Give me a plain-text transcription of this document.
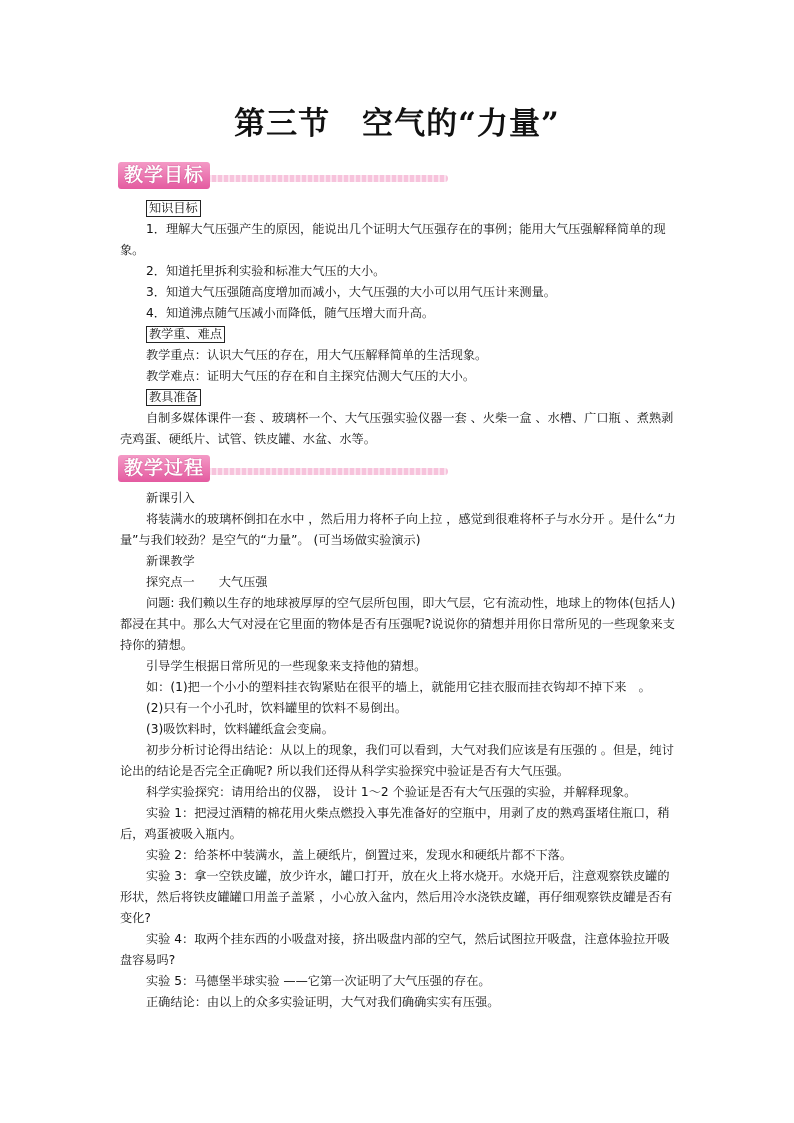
第三节　空气的“力量”
教学目标

知识目标

1．理解大气压强产生的原因，能说出几个证明大气压强存在的事例；能用大气压强解释简单的现象。

2．知道托里拆利实验和标准大气压的大小。

3．知道大气压强随高度增加而减小，大气压强的大小可以用气压计来测量。

4．知道沸点随气压减小而降低，随气压增大而升高。

教学重、难点

教学重点：认识大气压的存在，用大气压解释简单的生活现象。

教学难点：证明大气压的存在和自主探究估测大气压的大小。

教具准备

自制多媒体课件一套 、玻璃杯一个、大气压强实验仪器一套 、火柴一盒 、水槽、广口瓶 、煮熟剥壳鸡蛋、硬纸片、试管、铁皮罐、水盆、水等。

教学过程

新课引入

将装满水的玻璃杯倒扣在水中 ，然后用力将杯子向上拉 ，感觉到很难将杯子与水分开 。是什么“力量”与我们较劲？是空气的“力量”。 (可当场做实验演示)

新课教学

探究点一 大气压强

问题: 我们赖以生存的地球被厚厚的空气层所包围，即大气层，它有流动性，地球上的物体(包括人)都浸在其中。那么大气对浸在它里面的物体是否有压强呢?说说你的猜想并用你日常所见的一些现象来支持你的猜想。

引导学生根据日常所见的一些现象来支持他的猜想。

如：(1)把一个小小的塑料挂衣钩紧贴在很平的墙上，就能用它挂衣服而挂衣钩却不掉下来　。

(2)只有一个小孔时，饮料罐里的饮料不易倒出。

(3)吸饮料时，饮料罐纸盒会变扁。

初步分析讨论得出结论：从以上的现象，我们可以看到，大气对我们应该是有压强的 。但是，纯讨论出的结论是否完全正确呢? 所以我们还得从科学实验探究中验证是否有大气压强。

科学实验探究：请用给出的仪器， 设计 1～2 个验证是否有大气压强的实验，并解释现象。

实验 1：把浸过酒精的棉花用火柴点燃投入事先准备好的空瓶中，用剥了皮的熟鸡蛋堵住瓶口，稍后，鸡蛋被吸入瓶内。

实验 2：给茶杯中装满水，盖上硬纸片，倒置过来，发现水和硬纸片都不下落。

实验 3：拿一空铁皮罐，放少许水，罐口打开，放在火上将水烧开。水烧开后，注意观察铁皮罐的形状，然后将铁皮罐罐口用盖子盖紧 ，小心放入盆内，然后用冷水浇铁皮罐，再仔细观察铁皮罐是否有变化?

实验 4：取两个挂东西的小吸盘对接，挤出吸盘内部的空气，然后试图拉开吸盘，注意体验拉开吸盘容易吗?

实验 5：马德堡半球实验 ——它第一次证明了大气压强的存在。

正确结论：由以上的众多实验证明，大气对我们确确实实有压强。
